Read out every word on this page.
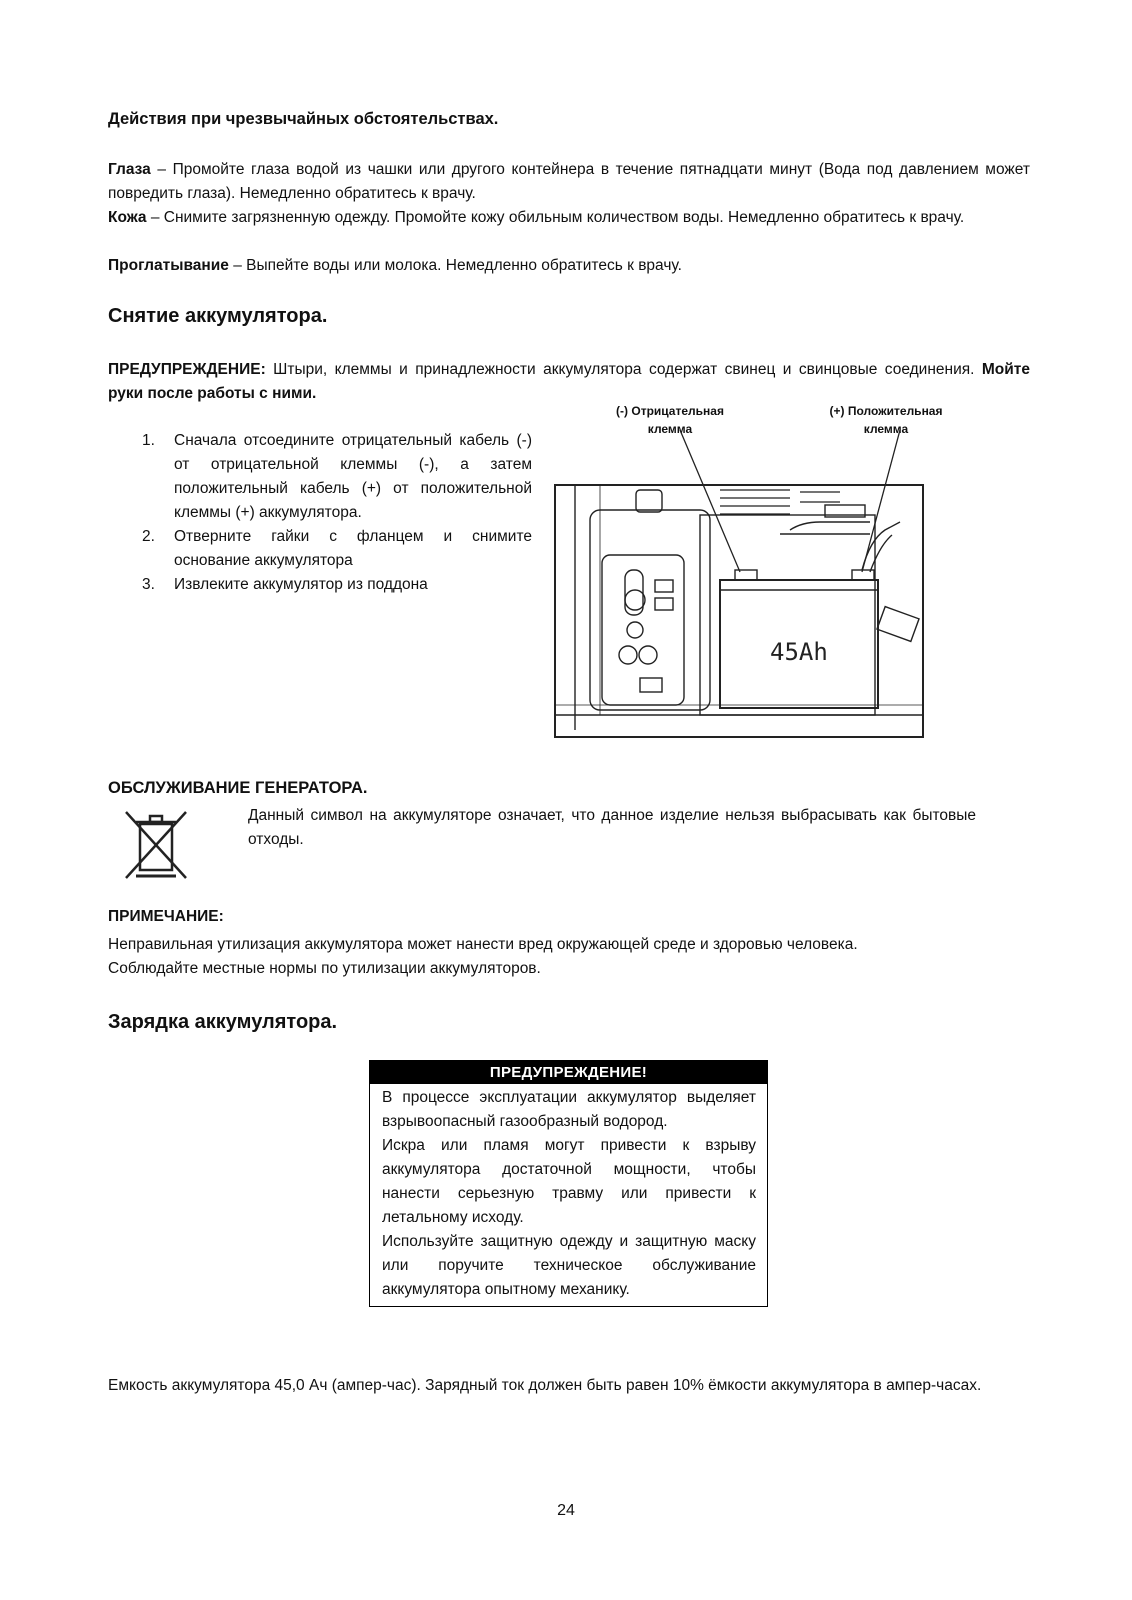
Действия при чрезвычайных обстоятельствах.
Глаза – Промойте глаза водой из чашки или другого контейнера в течение пятнадцати минут (Вода под давлением может повредить глаза). Немедленно обратитесь к врачу.
Кожа – Снимите загрязненную одежду. Промойте кожу обильным количеством воды. Немедленно обратитесь к врачу.
Проглатывание – Выпейте воды или молока. Немедленно обратитесь к врачу.
Снятие аккумулятора.
ПРЕДУПРЕЖДЕНИЕ: Штыри, клеммы и принадлежности аккумулятора содержат свинец и свинцовые соединения. Мойте руки после работы с ними.
1. Сначала отсоедините отрицательный кабель (-) от отрицательной клеммы (-), а затем положительный кабель (+) от положительной клеммы (+) аккумулятора.
2. Отверните гайки с фланцем и снимите основание аккумулятора
3. Извлеките аккумулятор из поддона
(-) Отрицательная
клемма
(+) Положительная
клемма
45Ah
ОБСЛУЖИВАНИЕ ГЕНЕРАТОРА.
Данный символ на аккумуляторе означает, что данное изделие нельзя выбрасывать как бытовые отходы.
ПРИМЕЧАНИЕ:
Неправильная утилизация аккумулятора может нанести вред окружающей среде и здоровью человека.
Соблюдайте местные нормы по утилизации аккумуляторов.
Зарядка аккумулятора.
ПРЕДУПРЕЖДЕНИЕ!

В процессе эксплуатации аккумулятор выделяет взрывоопасный газообразный водород.

Искра или пламя могут привести к взрыву аккумулятора достаточной мощности, чтобы нанести серьезную травму или привести к летальному исходу.

Используйте защитную одежду и защитную маску или поручите техническое обслуживание аккумулятора опытному механику.

Емкость аккумулятора 45,0 Ач (ампер-час). Зарядный ток должен быть равен 10% ёмкости аккумулятора в ампер-часах.
24
